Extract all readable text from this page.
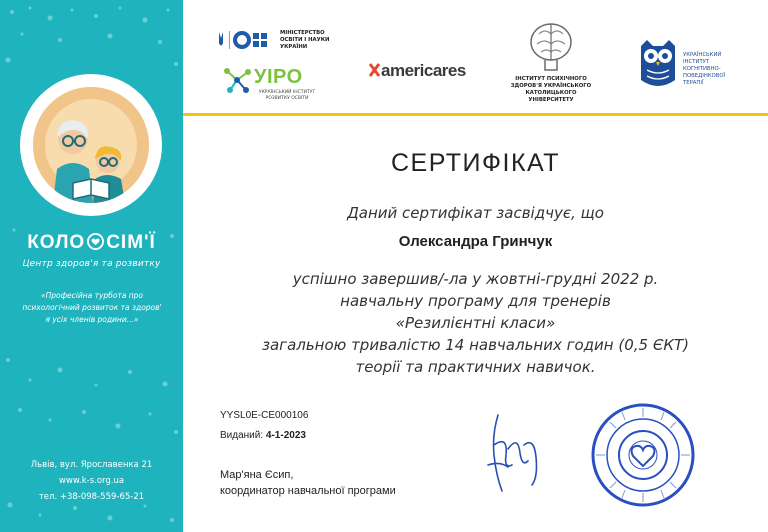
КОЛО СІМ'Ї
Центр здоров'я та розвитку
«Професійна турбота про
психологічний розвиток та здоров'
я усіх членів родини...»
Львів, вул. Ярославенка 21
www.k-s.org.ua
тел. +38-098-559-65-21
МІНІСТЕРСТВО
ОСВІТИ І НАУКИ
УКРАЇНИ
УІРО
УКРАЇНСЬКИЙ ІНСТИТУТ
РОЗВИТКУ ОСВІТИ
americares	ІНСТИТУТ ПСИХІЧНОГО
ЗДОРОВ'Я УКРАЇНСЬКОГО
КАТОЛИЦЬКОГО
УНІВЕРСИТЕТУ
УКРАЇНСЬКИЙ
ІНСТИТУТ
КОГНІТИВНО-
ПОВЕДІНКОВОЇ
ТЕРАПІЇ
СЕРТИФІКАТ
Даний сертифікат засвідчує, що
Олександра Гринчук
успішно завершив/-ла у жовтні-грудні 2022 р.
навчальну програму для тренерів
«Резилієнтні класи»
загальною тривалістю 14 навчальних годин (0,5 ЄКТ)
теорії та практичних навичок.
YYSL0E-CE000106
Виданий: 4-1-2023
Мар'яна Єсип,
координатор навчальної програми
